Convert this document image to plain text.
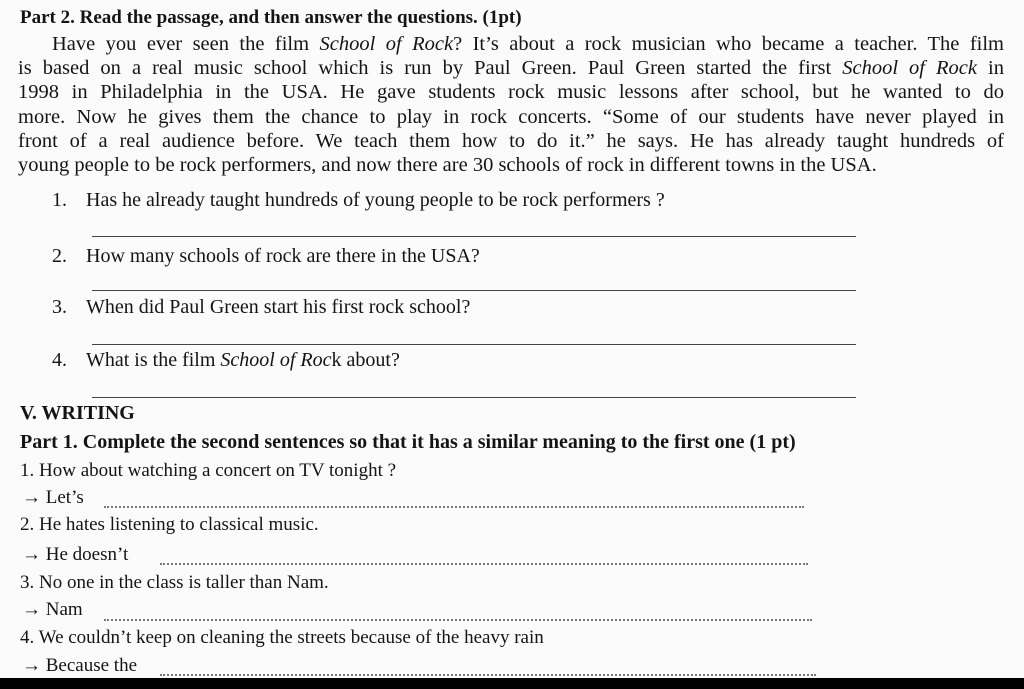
Part 2. Read the passage, and then answer the questions. (1pt)
Have you ever seen the film School of Rock? It’s about a rock musician who became a teacher. The film
is based on a real music school which is run by Paul Green. Paul Green started the first School of Rock in
1998 in Philadelphia in the USA. He gave students rock music lessons after school, but he wanted to do
more. Now he gives them the chance to play in rock concerts. “Some of our students have never played in
front of a real audience before. We teach them how to do it.” he says. He has already taught hundreds of
young people to be rock performers, and now there are 30 schools of rock in different towns in the USA.
1. Has he already taught hundreds of young people to be rock performers ?
2. How many schools of rock are there in the USA?
3. When did Paul Green start his first rock school?
4. What is the film School of Rock about?
V. WRITING
Part 1. Complete the second sentences so that it has a similar meaning to the first one (1 pt)
1. How about watching a concert on TV tonight ?
→ Let’s
2. He hates listening to classical music.
→ He doesn’t
3. No one in the class is taller than Nam.
→ Nam
4. We couldn’t keep on cleaning the streets because of the heavy rain
→ Because the
